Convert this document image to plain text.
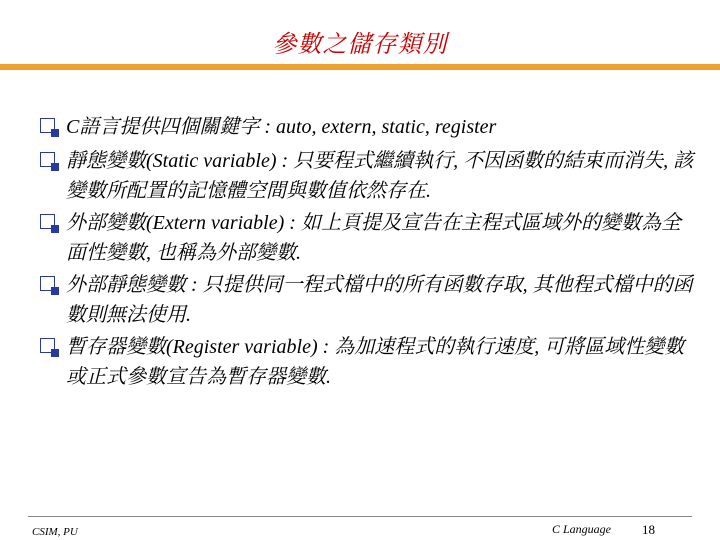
參數之儲存類別
C語言提供四個關鍵字 : auto, extern, static, register
靜態變數(Static variable) : 只要程式繼續執行, 不因函數的結束而消失, 該變數所配置的記憶體空間與數值依然存在.
外部變數(Extern variable) : 如上頁提及宣告在主程式區域外的變數為全面性變數, 也稱為外部變數.
外部靜態變數 : 只提供同一程式檔中的所有函數存取, 其他程式檔中的函數則無法使用.
暫存器變數(Register variable) : 為加速程式的執行速度, 可將區域性變數或正式參數宣告為暫存器變數.
CSIM, PU	C Language 18
